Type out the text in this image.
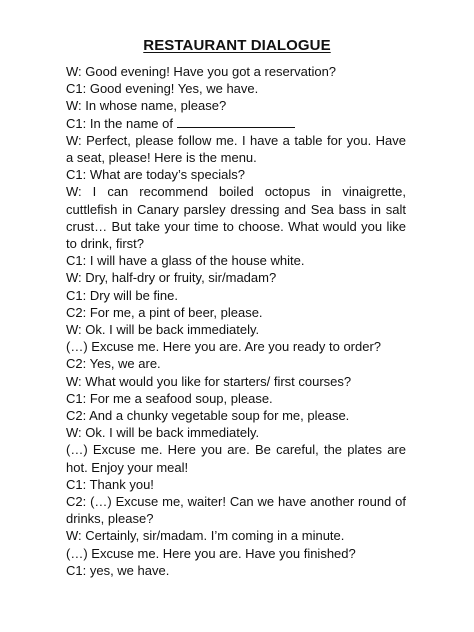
RESTAURANT DIALOGUE

W: Good evening! Have you got a reservation?

C1: Good evening! Yes, we have.

W: In whose name, please?

C1: In the name of

W: Perfect, please follow me. I have a table for you. Have a seat, please! Here is the menu.

C1: What are today’s specials?

W: I can recommend boiled octopus in vinaigrette, cuttlefish in Canary parsley dressing and Sea bass in salt crust… But take your time to choose. What would you like to drink, first?

C1: I will have a glass of the house white.

W: Dry, half-dry or fruity, sir/madam?

C1: Dry will be fine.

C2: For me, a pint of beer, please.

W: Ok. I will be back immediately.

(…) Excuse me. Here you are. Are you ready to order?

C2: Yes, we are.

W: What would you like for starters/ first courses?

C1: For me a seafood soup, please.

C2: And a chunky vegetable soup for me, please.

W: Ok. I will be back immediately.

(…) Excuse me. Here you are. Be careful, the plates are hot. Enjoy your meal!

C1: Thank you!

C2: (…) Excuse me, waiter! Can we have another round of drinks, please?

W: Certainly, sir/madam. I’m coming in a minute.

(…) Excuse me. Here you are. Have you finished?

C1: yes, we have.
